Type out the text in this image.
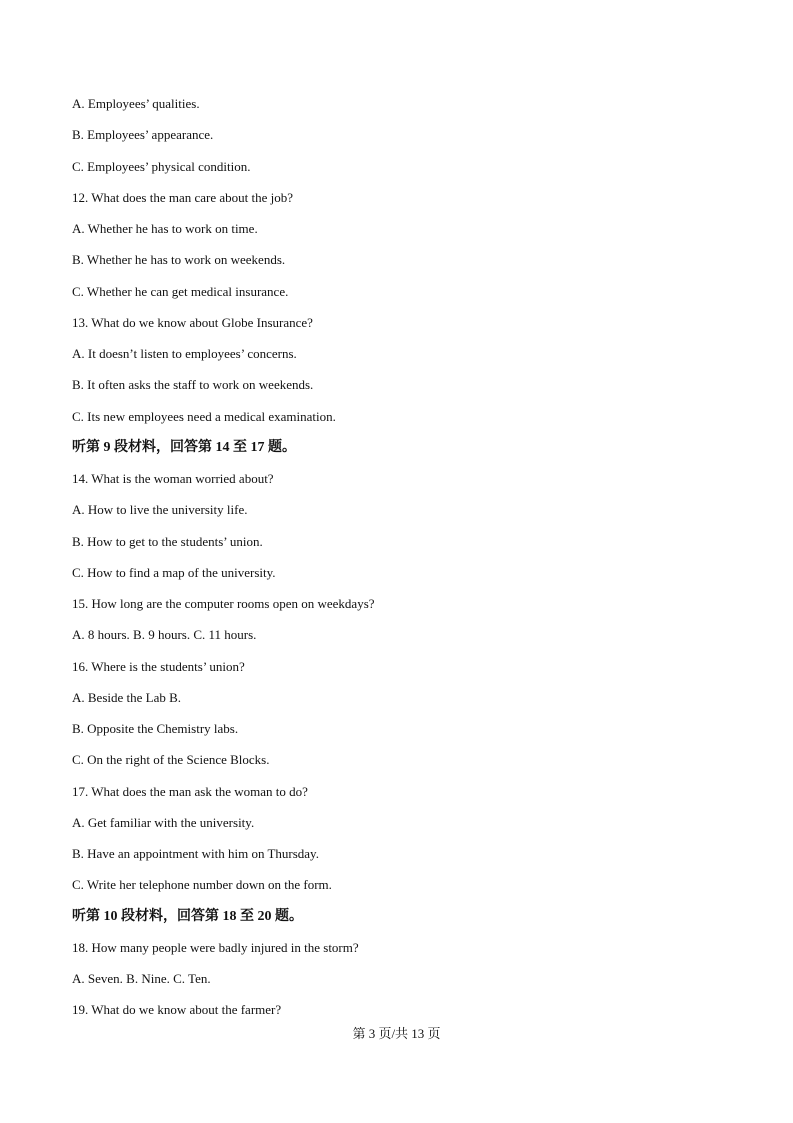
A. Employees’ qualities.
B. Employees’ appearance.
C. Employees’ physical condition.
12. What does the man care about the job?
A. Whether he has to work on time.
B. Whether he has to work on weekends.
C. Whether he can get medical insurance.
13. What do we know about Globe Insurance?
A. It doesn’t listen to employees’ concerns.
B. It often asks the staff to work on weekends.
C. Its new employees need a medical examination.
听第 9 段材料，回答第 14 至 17 题。
14. What is the woman worried about?
A. How to live the university life.
B. How to get to the students’ union.
C. How to find a map of the university.
15. How long are the computer rooms open on weekdays?
A. 8 hours. B. 9 hours. C. 11 hours.
16. Where is the students’ union?
A. Beside the Lab B.
B. Opposite the Chemistry labs.
C. On the right of the Science Blocks.
17. What does the man ask the woman to do?
A. Get familiar with the university.
B. Have an appointment with him on Thursday.
C. Write her telephone number down on the form.
听第 10 段材料，回答第 18 至 20 题。
18. How many people were badly injured in the storm?
A. Seven. B. Nine. C. Ten.
19. What do we know about the farmer?
第 3 页/共 13 页
